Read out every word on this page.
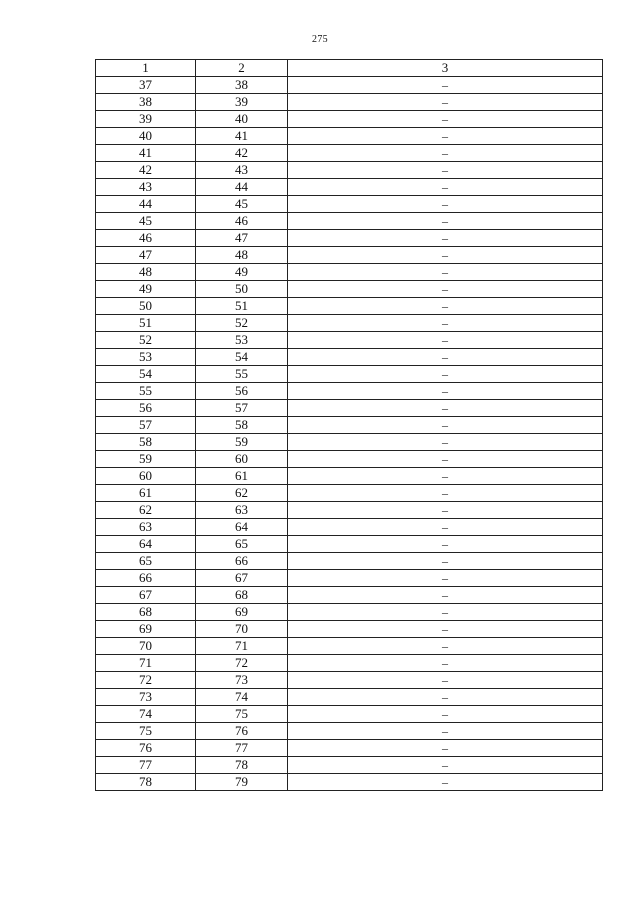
275
1	2	3
37	38	–
38	39	–
39	40	–
40	41	–
41	42	–
42	43	–
43	44	–
44	45	–
45	46	–
46	47	–
47	48	–
48	49	–
49	50	–
50	51	–
51	52	–
52	53	–
53	54	–
54	55	–
55	56	–
56	57	–
57	58	–
58	59	–
59	60	–
60	61	–
61	62	–
62	63	–
63	64	–
64	65	–
65	66	–
66	67	–
67	68	–
68	69	–
69	70	–
70	71	–
71	72	–
72	73	–
73	74	–
74	75	–
75	76	–
76	77	–
77	78	–
78	79	–
